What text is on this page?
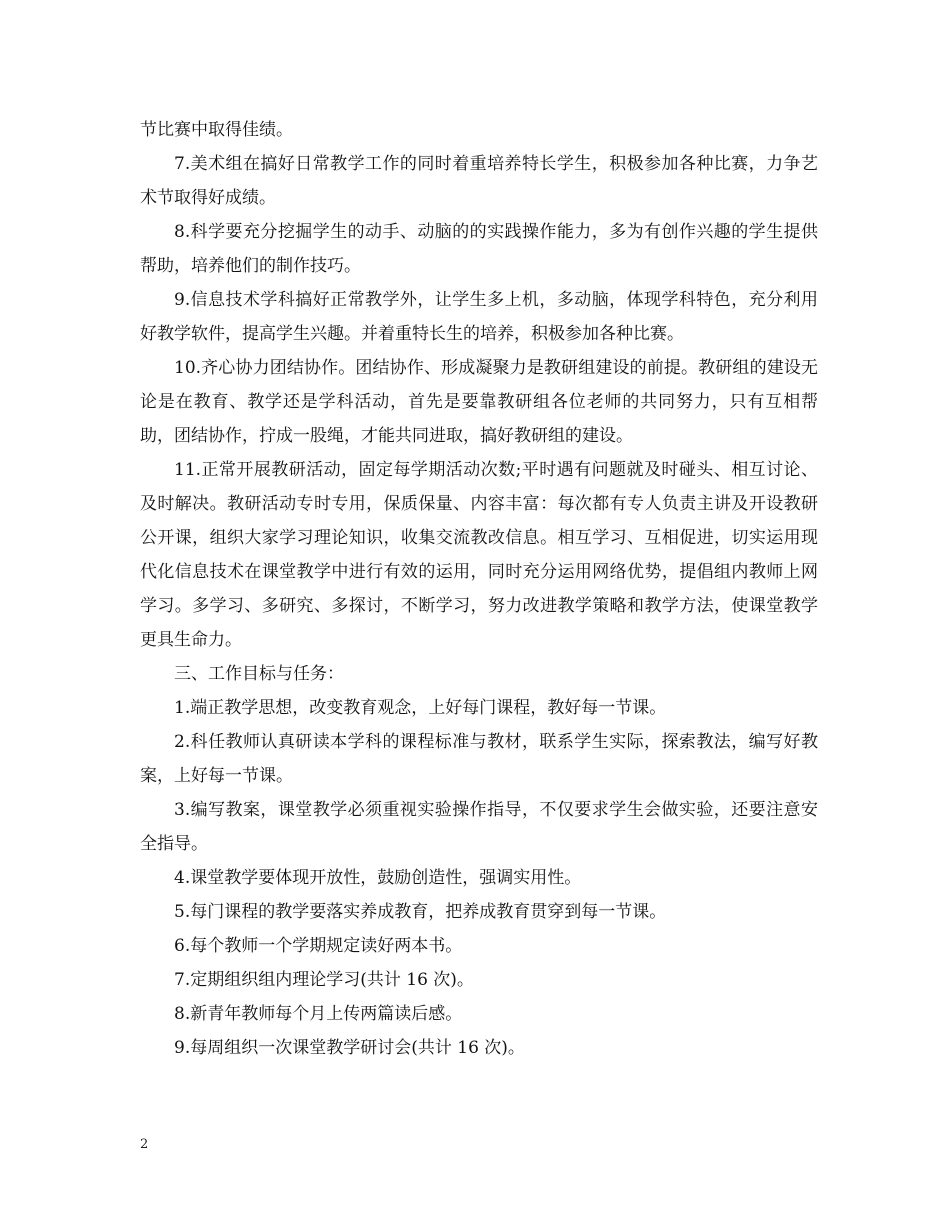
节比赛中取得佳绩。

7.美术组在搞好日常教学工作的同时着重培养特长学生，积极参加各种比赛，力争艺术节取得好成绩。

8.科学要充分挖掘学生的动手、动脑的的实践操作能力，多为有创作兴趣的学生提供帮助，培养他们的制作技巧。

9.信息技术学科搞好正常教学外，让学生多上机，多动脑，体现学科特色，充分利用好教学软件，提高学生兴趣。并着重特长生的培养，积极参加各种比赛。

10.齐心协力团结协作。团结协作、形成凝聚力是教研组建设的前提。教研组的建设无论是在教育、教学还是学科活动，首先是要靠教研组各位老师的共同努力，只有互相帮助，团结协作，拧成一股绳，才能共同进取，搞好教研组的建设。

11.正常开展教研活动，固定每学期活动次数;平时遇有问题就及时碰头、相互讨论、及时解决。教研活动专时专用，保质保量、内容丰富：每次都有专人负责主讲及开设教研公开课，组织大家学习理论知识，收集交流教改信息。相互学习、互相促进，切实运用现代化信息技术在课堂教学中进行有效的运用，同时充分运用网络优势，提倡组内教师上网学习。多学习、多研究、多探讨，不断学习，努力改进教学策略和教学方法，使课堂教学更具生命力。

三、工作目标与任务：

1.端正教学思想，改变教育观念，上好每门课程，教好每一节课。

2.科任教师认真研读本学科的课程标准与教材，联系学生实际，探索教法，编写好教案，上好每一节课。

3.编写教案，课堂教学必须重视实验操作指导，不仅要求学生会做实验，还要注意安全指导。

4.课堂教学要体现开放性，鼓励创造性，强调实用性。

5.每门课程的教学要落实养成教育，把养成教育贯穿到每一节课。

6.每个教师一个学期规定读好两本书。

7.定期组织组内理论学习(共计 16 次)。

8.新青年教师每个月上传两篇读后感。

9.每周组织一次课堂教学研讨会(共计 16 次)。

2
